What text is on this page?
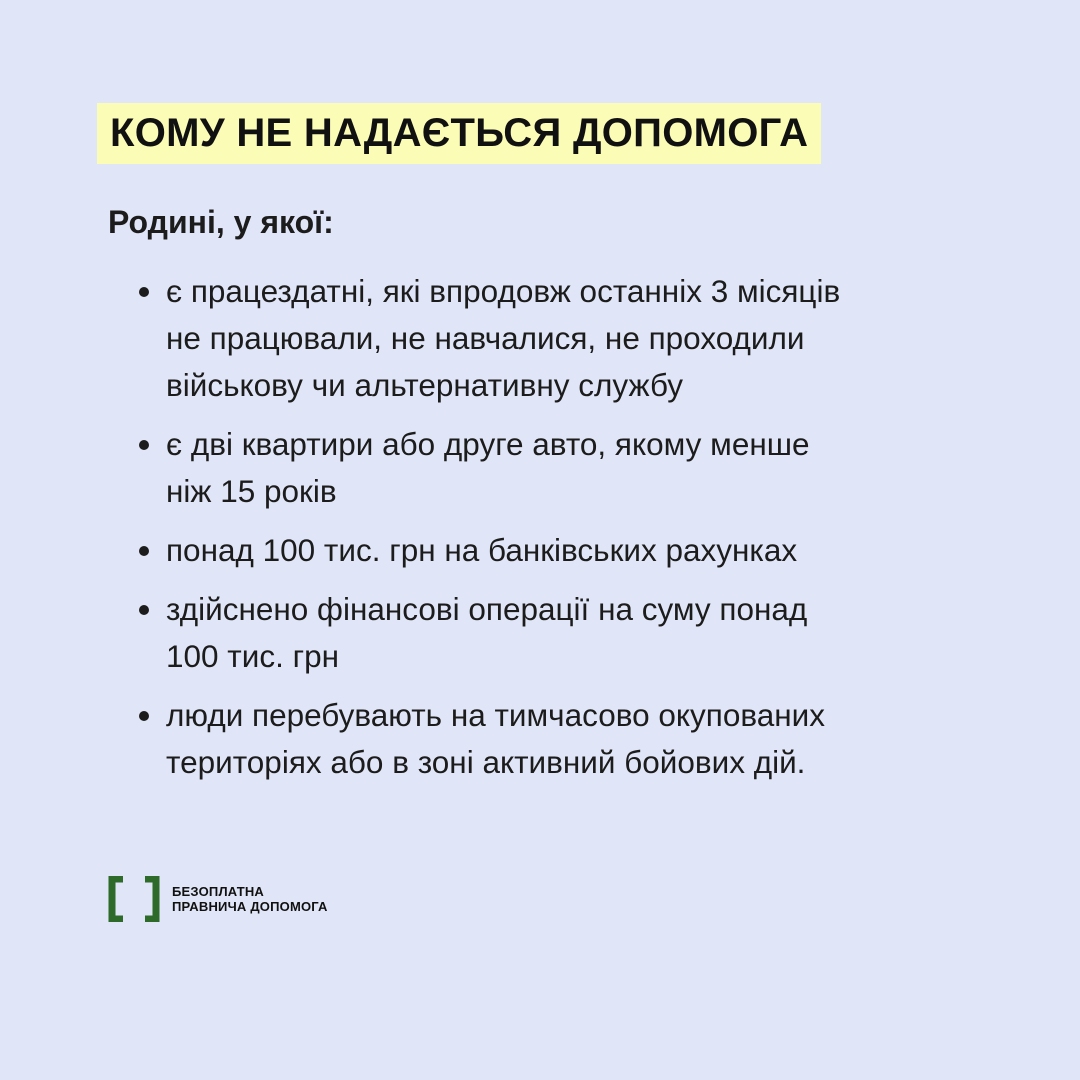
КОМУ НЕ НАДАЄТЬСЯ ДОПОМОГА
Родині, у якої:
є працездатні, які впродовж останніх 3 місяців
не працювали, не навчалися, не проходили
військову чи альтернативну службу
є дві квартири або друге авто, якому менше
ніж 15 років
понад 100 тис. грн на банківських рахунках
здійснено фінансові операції на суму понад
100 тис. грн
люди перебувають на тимчасово окупованих
територіях або в зоні активний бойових дій.
БЕЗОПЛАТНА
ПРАВНИЧА ДОПОМОГА
